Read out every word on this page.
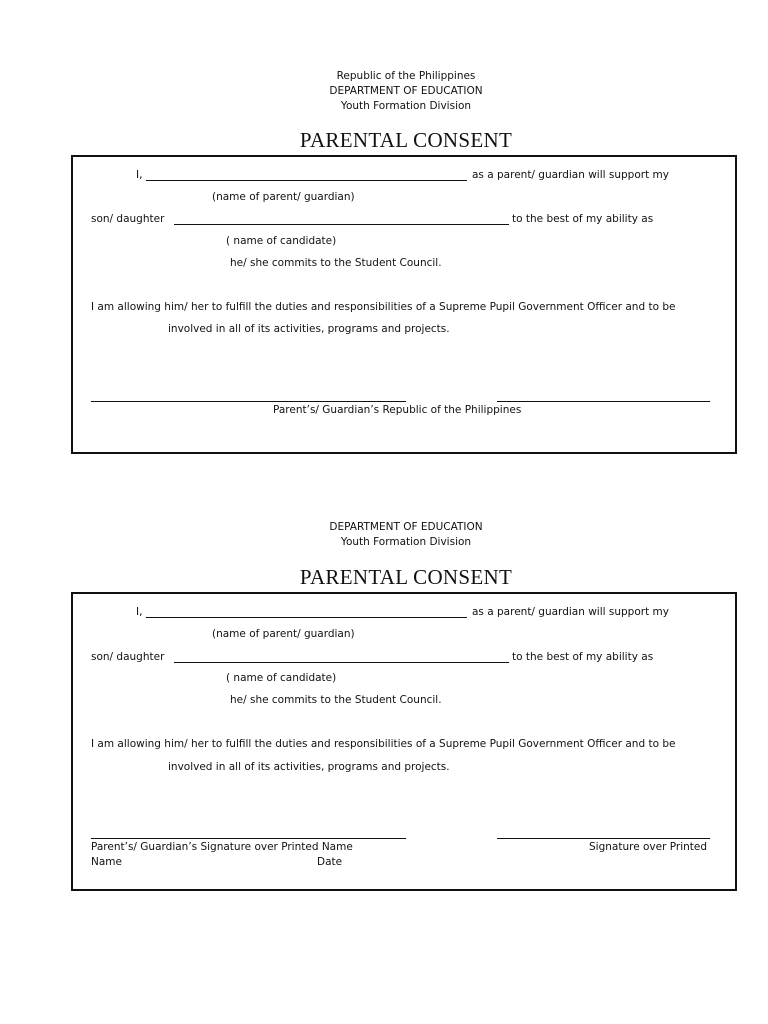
Republic of the Philippines
DEPARTMENT OF EDUCATION
Youth Formation Division
PARENTAL CONSENT
I,	as a parent/ guardian will support my
(name of parent/ guardian)
son/ daughter	to the best of my ability as
( name of candidate)
he/ she commits to the Student Council.
I am allowing him/ her to fulfill the duties and responsibilities of a Supreme Pupil Government Officer and to be
involved in all of its activities, programs and projects.
Parent’s/ Guardian’s Republic of the Philippines
DEPARTMENT OF EDUCATION
Youth Formation Division
PARENTAL CONSENT
I,	as a parent/ guardian will support my
(name of parent/ guardian)
son/ daughter	to the best of my ability as
( name of candidate)
he/ she commits to the Student Council.
I am allowing him/ her to fulfill the duties and responsibilities of a Supreme Pupil Government Officer and to be
involved in all of its activities, programs and projects.
Parent’s/ Guardian’s Signature over Printed Name	Signature over Printed
Name	Date
